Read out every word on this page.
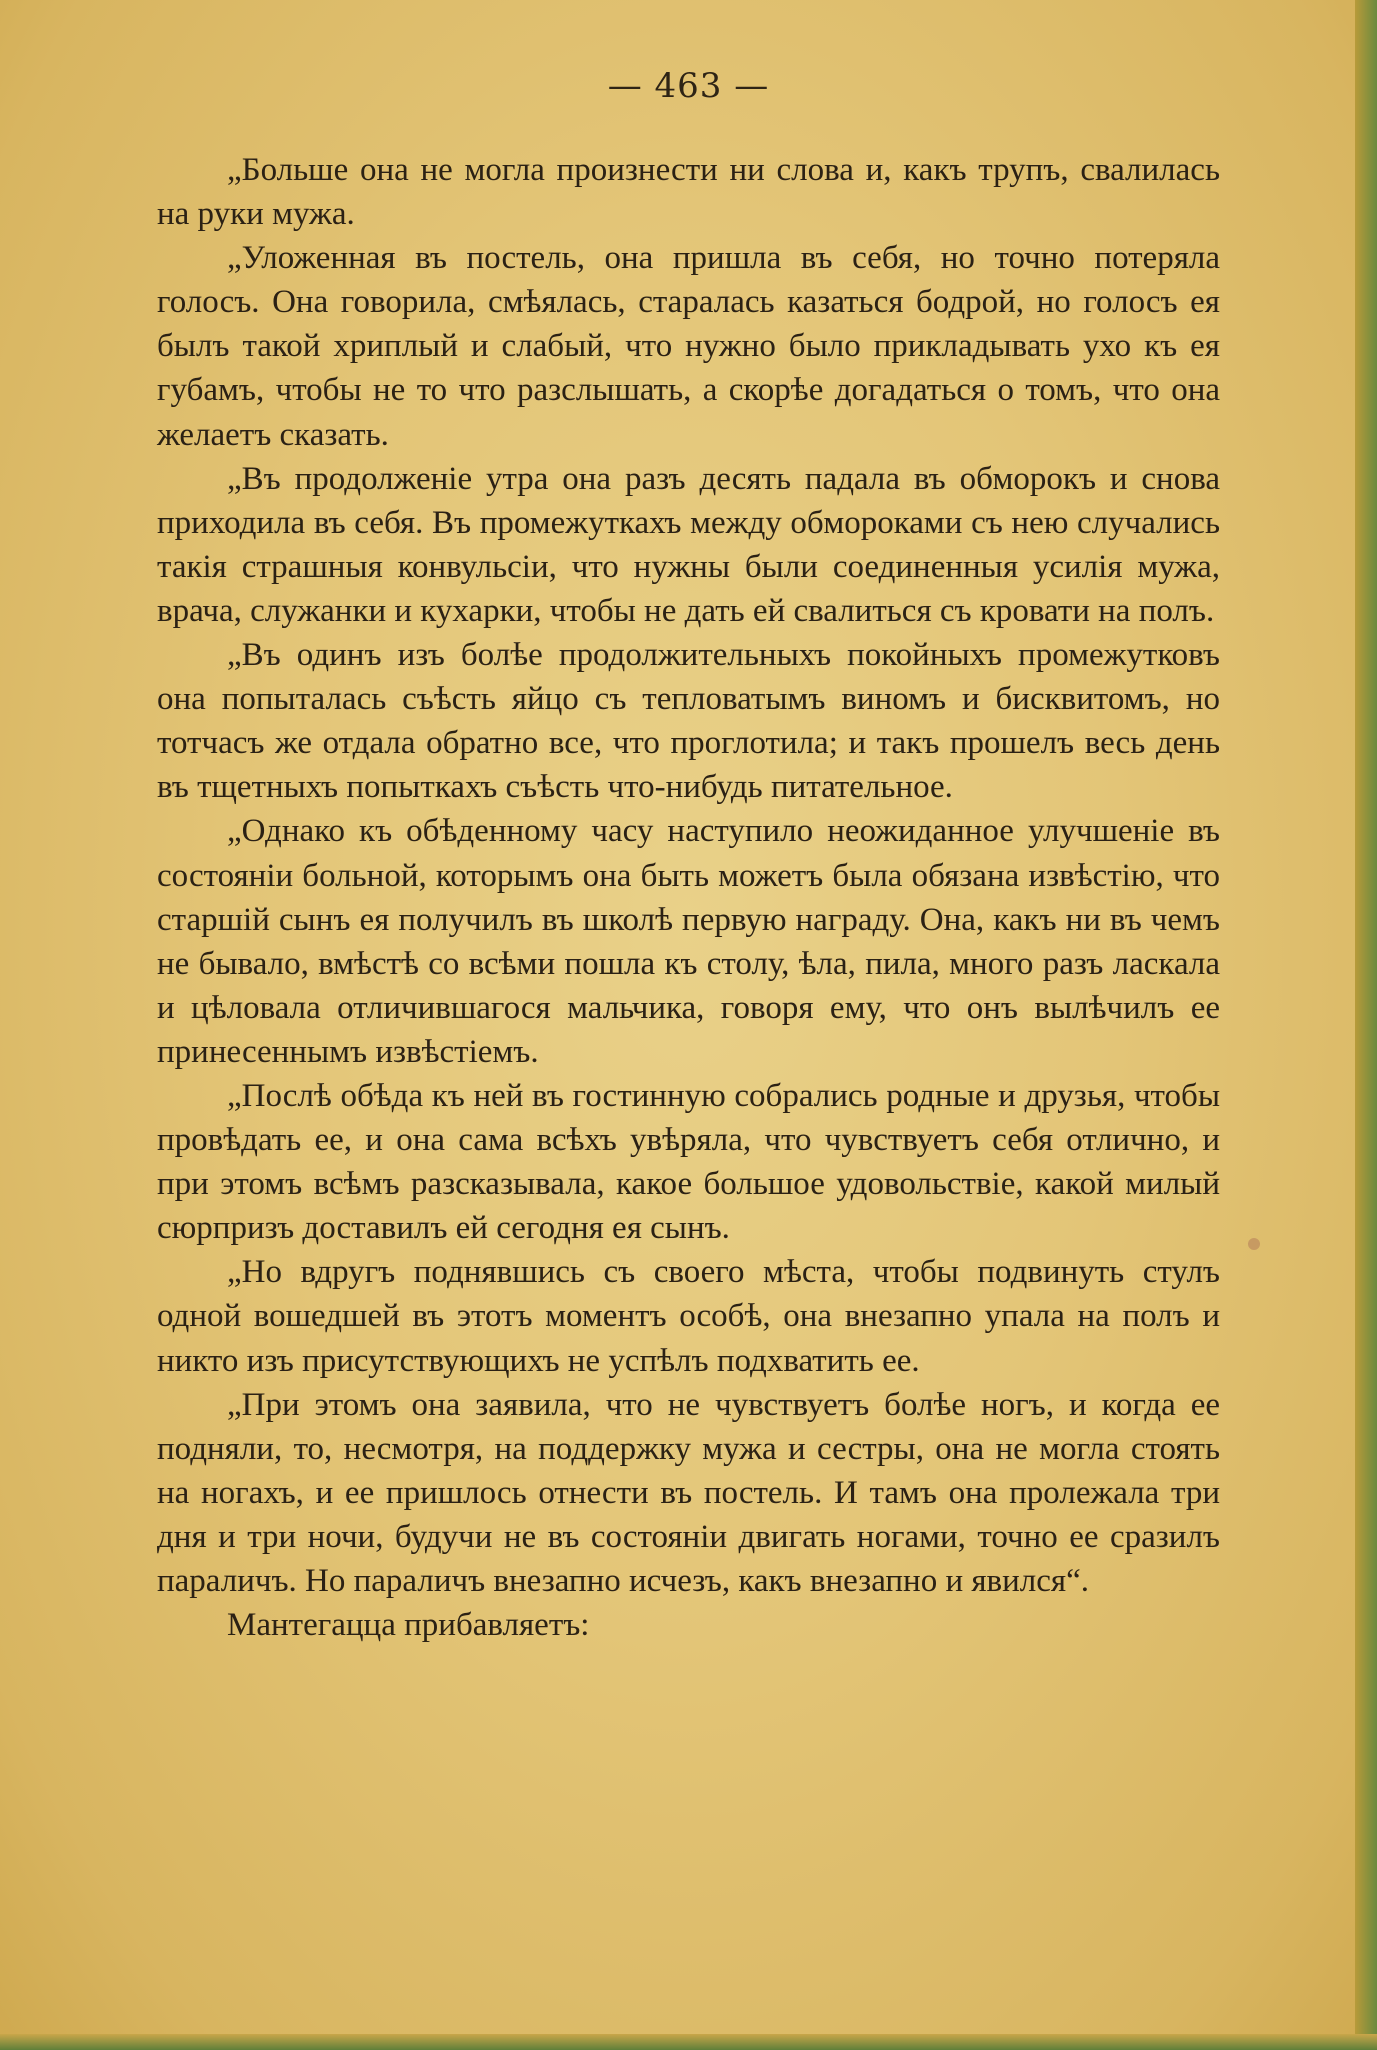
— 463 —

„Больше она не могла произнести ни слова и, какъ трупъ, свалилась на руки мужа.

„Уложенная въ постель, она пришла въ себя, но точно потеряла голосъ. Она говорила, смѣялась, старалась казаться бодрой, но голосъ ея былъ такой хриплый и слабый, что нужно было прикладывать ухо къ ея губамъ, чтобы не то что разслышать, а скорѣе догадаться о томъ, что она желаетъ сказать.

„Въ продолженіе утра она разъ десять падала въ обморокъ и снова приходила въ себя. Въ промежуткахъ между обмороками съ нею случались такія страшныя конвульсіи, что нужны были соединенныя усилія мужа, врача, служанки и кухарки, чтобы не дать ей свалиться съ кровати на полъ.

„Въ одинъ изъ болѣе продолжительныхъ покойныхъ промежутковъ она попыталась съѣсть яйцо съ тепловатымъ виномъ и бисквитомъ, но тотчасъ же отдала обратно все, что проглотила; и такъ прошелъ весь день въ тщетныхъ попыткахъ съѣсть что-нибудь питательное.

„Однако къ обѣденному часу наступило неожиданное улучшеніе въ состояніи больной, которымъ она быть можетъ была обязана извѣстію, что старшій сынъ ея получилъ въ школѣ первую награду. Она, какъ ни въ чемъ не бывало, вмѣстѣ со всѣми пошла къ столу, ѣла, пила, много разъ ласкала и цѣловала отличившагося мальчика, говоря ему, что онъ вылѣчилъ ее принесеннымъ извѣстіемъ.

„Послѣ обѣда къ ней въ гостинную собрались родные и друзья, чтобы провѣдать ее, и она сама всѣхъ увѣряла, что чувствуетъ себя отлично, и при этомъ всѣмъ разсказывала, какое большое удовольствіе, какой милый сюрпризъ доставилъ ей сегодня ея сынъ.

„Но вдругъ поднявшись съ своего мѣста, чтобы подвинуть стулъ одной вошедшей въ этотъ моментъ особѣ, она внезапно упала на полъ и никто изъ присутствующихъ не успѣлъ подхватить ее.

„При этомъ она заявила, что не чувствуетъ болѣе ногъ, и когда ее подняли, то, несмотря, на поддержку мужа и сестры, она не могла стоять на ногахъ, и ее пришлось отнести въ постель. И тамъ она пролежала три дня и три ночи, будучи не въ состояніи двигать ногами, точно ее сразилъ параличъ. Но параличъ внезапно исчезъ, какъ внезапно и явился“.

Мантегацца прибавляетъ:
